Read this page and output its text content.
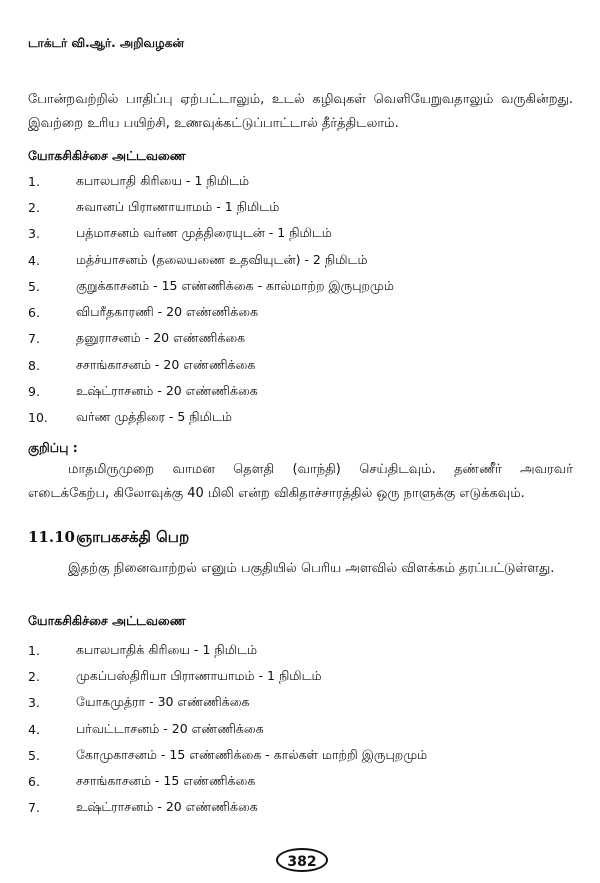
டாக்டர் வி.ஆர். அறிவழகன்

போன்றவற்றில் பாதிப்பு ஏற்பட்டாலும், உடல் கழிவுகள் வெளியேறுவதாலும் வருகின்றது. இவற்றை உரிய பயிற்சி, உணவுக்கட்டுப்பாட்டால் தீர்த்திடலாம்.

யோகசிகிச்சை அட்டவணை
1.	கபாலபாதி கிரியை - 1 நிமிடம்
2.	சுவானப் பிராணாயாமம் - 1 நிமிடம்
3.	பத்மாசனம் வர்ண முத்திரையுடன் - 1 நிமிடம்
4.	மத்ச்யாசனம் (தலையணை உதவியுடன்) - 2 நிமிடம்
5.	குறுக்காசனம் - 15 எண்ணிக்கை - கால்மாற்ற இருபுறமும்
6.	விபரீதகாரணி - 20 எண்ணிக்கை
7.	தனுராசனம் - 20 எண்ணிக்கை
8.	சசாங்காசனம் - 20 எண்ணிக்கை
9.	உஷ்ட்ராசனம் - 20 எண்ணிக்கை
10.	வர்ண முத்திரை - 5 நிமிடம்
குறிப்பு :

மாதமிருமுறை வாமன தௌதி (வாந்தி) செய்திடவும். தண்ணீர் அவரவர் எடைக்கேற்ப, கிலோவுக்கு 40 மிலி என்ற விகிதாச்சாரத்தில் ஒரு நாளுக்கு எடுக்கவும்.

11.10ஞாபகசக்தி பெற

இதற்கு நினைவாற்றல் எனும் பகுதியில் பெரிய அளவில் விளக்கம் தரப்பட்டுள்ளது.

யோகசிகிச்சை அட்டவணை
1.	கபாலபாதிக் கிரியை - 1 நிமிடம்
2.	முகப்பஸ்திரியா பிராணாயாமம் - 1 நிமிடம்
3.	யோகமுத்ரா - 30 எண்ணிக்கை
4.	பர்வட்டாசனம் - 20 எண்ணிக்கை
5.	கோமுகாசனம் - 15 எண்ணிக்கை - கால்கள் மாற்றி இருபுறமும்
6.	சசாங்காசனம் - 15 எண்ணிக்கை
7.	உஷ்ட்ராசனம் - 20 எண்ணிக்கை
382
